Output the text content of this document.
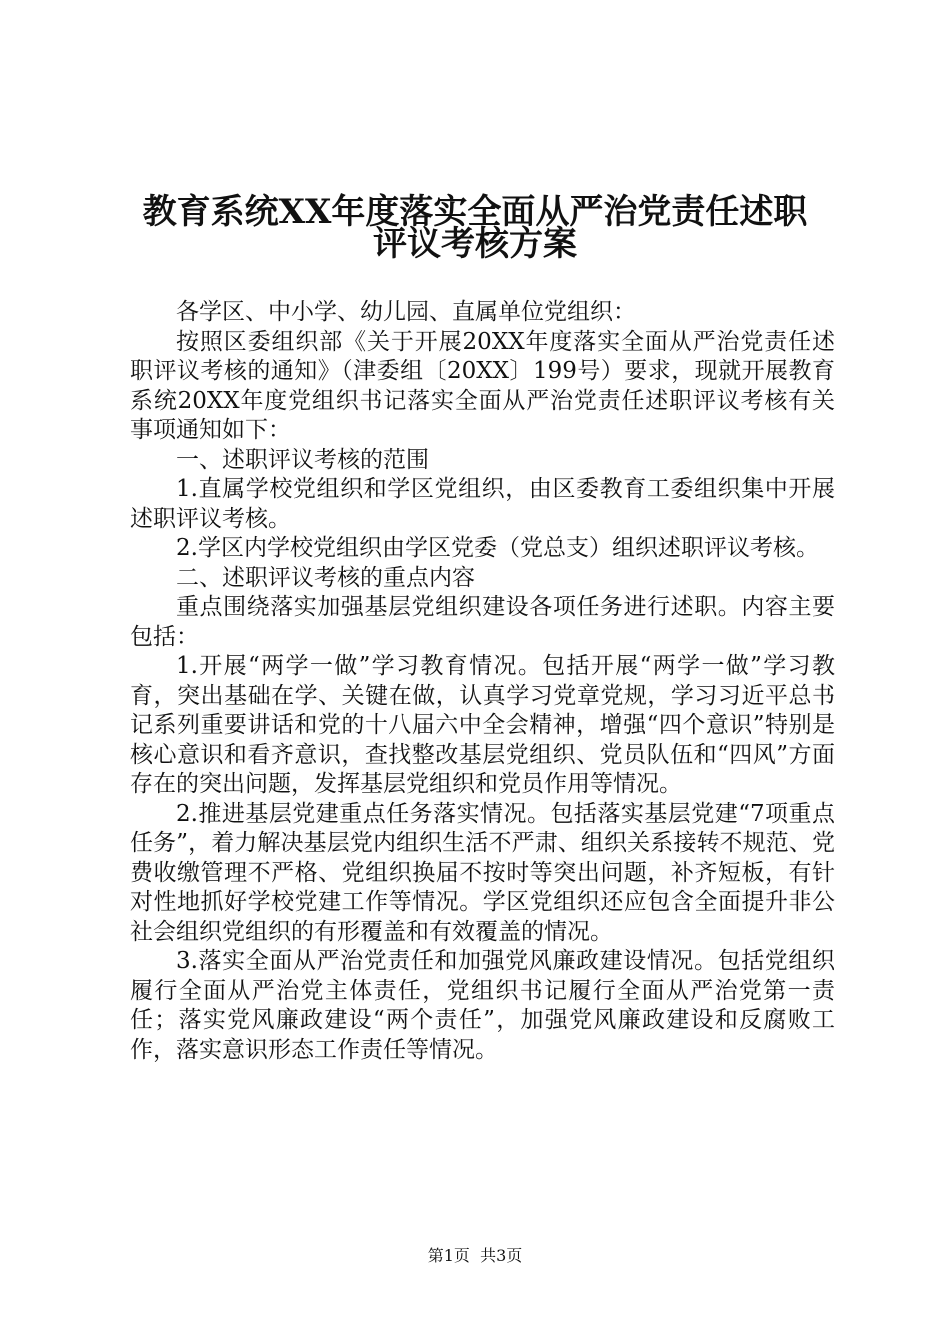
教育系统XX年度落实全面从严治党责任述职
评议考核方案

各学区、中小学、幼儿园、直属单位党组织：

按照区委组织部《关于开展20XX年度落实全面从严治党责任述职评议考核的通知》（津委组〔20XX〕199号）要求，现就开展教育系统20XX年度党组织书记落实全面从严治党责任述职评议考核有关事项通知如下：

一、述职评议考核的范围

1.直属学校党组织和学区党组织，由区委教育工委组织集中开展述职评议考核。

2.学区内学校党组织由学区党委（党总支）组织述职评议考核。

二、述职评议考核的重点内容

重点围绕落实加强基层党组织建设各项任务进行述职。内容主要包括：

1.开展“两学一做”学习教育情况。包括开展“两学一做”学习教育，突出基础在学、关键在做，认真学习党章党规，学习习近平总书记系列重要讲话和党的十八届六中全会精神，增强“四个意识”特别是核心意识和看齐意识，查找整改基层党组织、党员队伍和“四风”方面存在的突出问题，发挥基层党组织和党员作用等情况。

2.推进基层党建重点任务落实情况。包括落实基层党建“7项重点任务”，着力解决基层党内组织生活不严肃、组织关系接转不规范、党费收缴管理不严格、党组织换届不按时等突出问题，补齐短板，有针对性地抓好学校党建工作等情况。学区党组织还应包含全面提升非公社会组织党组织的有形覆盖和有效覆盖的情况。

3.落实全面从严治党责任和加强党风廉政建设情况。包括党组织履行全面从严治党主体责任，党组织书记履行全面从严治党第一责任；落实党风廉政建设“两个责任”，加强党风廉政建设和反腐败工作，落实意识形态工作责任等情况。

第1页  共3页
